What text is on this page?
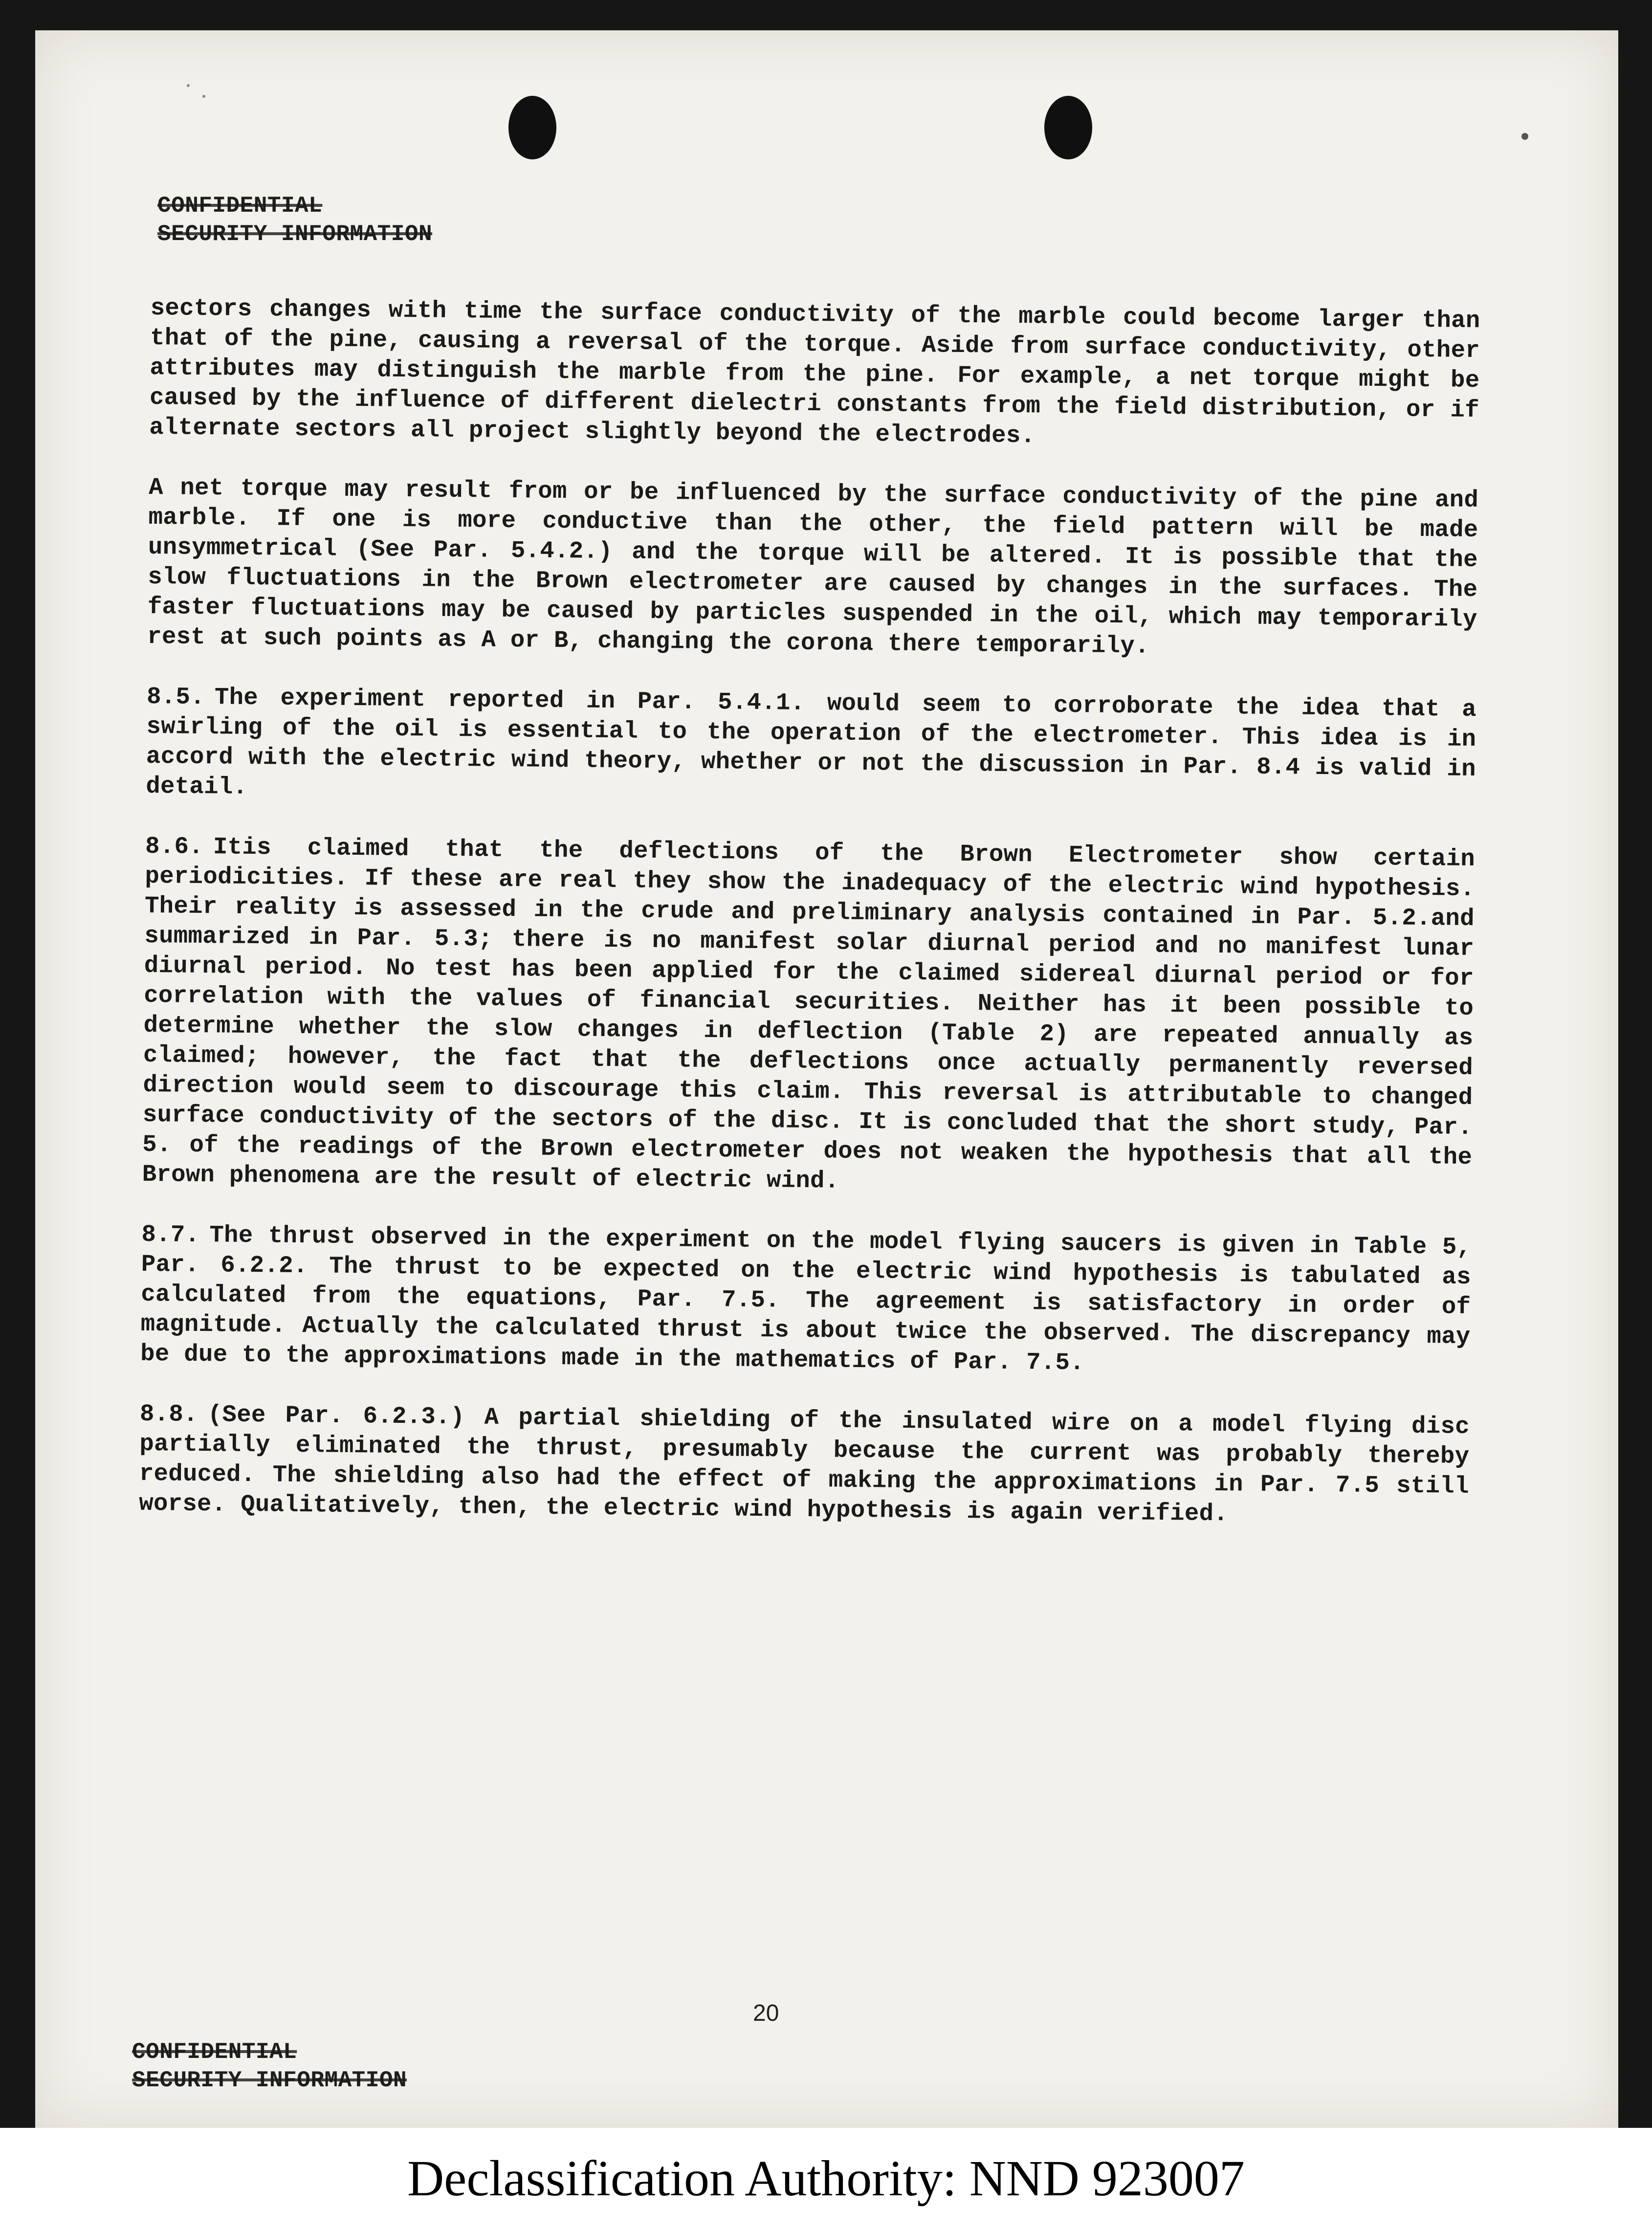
CONFIDENTIAL
SECURITY INFORMATION

sectors changes with time the surface conductivity of the marble could become larger than that of the pine, causing a reversal of the torque. Aside from surface conductivity, other attributes may distinguish the marble from the pine. For example, a net torque might be caused by the influence of different dielectri constants from the field distribution, or if alternate sectors all project slightly beyond the electrodes.

A net torque may result from or be influenced by the surface conductivity of the pine and marble. If one is more conductive than the other, the field pattern will be made unsymmetrical (See Par. 5.4.2.) and the torque will be altered. It is possible that the slow fluctuations in the Brown electrometer are caused by changes in the surfaces. The faster fluctuations may be caused by particles suspended in the oil, which may temporarily rest at such points as A or B, changing the corona there temporarily.

8.5. The experiment reported in Par. 5.4.1. would seem to corroborate the idea that a swirling of the oil is essential to the operation of the electrometer. This idea is in accord with the electric wind theory, whether or not the discussion in Par. 8.4 is valid in detail.

8.6. Itis claimed that the deflections of the Brown Electrometer show certain periodicities. If these are real they show the inadequacy of the electric wind hypothesis. Their reality is assessed in the crude and preliminary analysis contained in Par. 5.2.and summarized in Par. 5.3; there is no manifest solar diurnal period and no manifest lunar diurnal period. No test has been applied for the claimed sidereal diurnal period or for correlation with the values of financial securities. Neither has it been possible to determine whether the slow changes in deflection (Table 2) are repeated annually as claimed; however, the fact that the deflections once actually permanently reversed direction would seem to discourage this claim. This reversal is attributable to changed surface conductivity of the sectors of the disc. It is concluded that the short study, Par. 5. of the readings of the Brown electrometer does not weaken the hypothesis that all the Brown phenomena are the result of electric wind.

8.7. The thrust observed in the experiment on the model flying saucers is given in Table 5, Par. 6.2.2. The thrust to be expected on the electric wind hypothesis is tabulated as calculated from the equations, Par. 7.5. The agreement is satisfactory in order of magnitude. Actually the calculated thrust is about twice the observed. The discrepancy may be due to the approximations made in the mathematics of Par. 7.5.

8.8. (See Par. 6.2.3.) A partial shielding of the insulated wire on a model flying disc partially eliminated the thrust, presumably because the current was probably thereby reduced. The shielding also had the effect of making the approximations in Par. 7.5 still worse. Qualitatively, then, the electric wind hypothesis is again verified.

CONFIDENTIAL
SECURITY INFORMATION
20
Declassification Authority: NND 923007
